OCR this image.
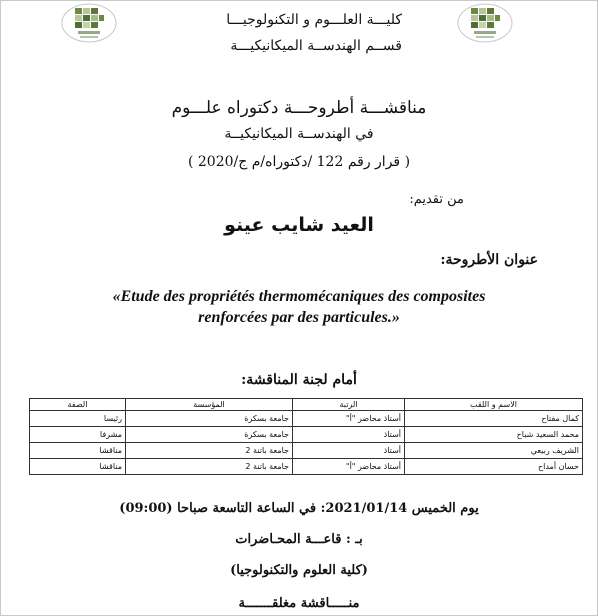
كليـــة العلـــوم و التكنولوجيـــا
قســم الهندســة الميكانيكيـــة
مناقشـــة أطروحـــة دكتوراه علـــوم
في الهندســة الميكانيكيــة
( قرار رقم 122 /دكتوراه/م ج/2020 )
من تقديم:
العيد شايب عينو
عنوان الأطروحة:
«Etude des propriétés thermomécaniques des composites
renforcées par des particules.»
أمام لجنة المناقشة:
الاسم و اللقب	الرتبة	المؤسسة	الصفة
كمال مفتاح	أستاذ محاضر "أ"	جامعة بسكرة	رئيسا
محمد السعيد شباح	أستاذ	جامعة بسكرة	مشرفا
الشريف ربيعي	أستاذ	جامعة باتنة 2	مناقشا
حسان أمداح	أستاذ محاضر "أ"	جامعة باتنة 2	مناقشا
يوم الخميس 2021/01/14: في الساعة التاسعة صباحا (09:00)
بـ : قاعـــة المحـاضرات
(كلية العلوم والتكنولوجيا)
منـــــاقشة مغلقـــــــة
